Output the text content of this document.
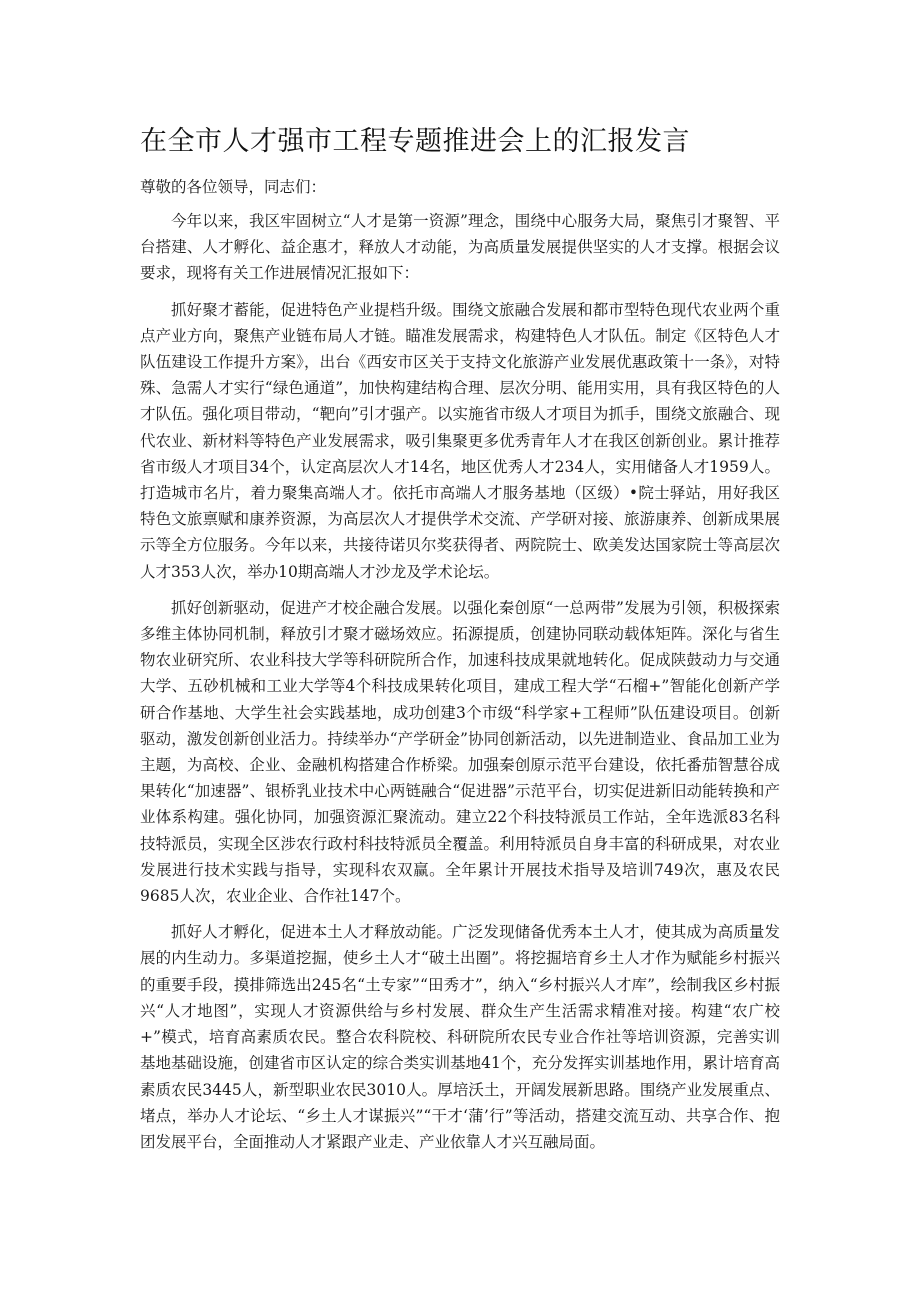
在全市人才强市工程专题推进会上的汇报发言

尊敬的各位领导，同志们：

今年以来，我区牢固树立“人才是第一资源”理念，围绕中心服务大局，聚焦引才聚智、平台搭建、人才孵化、益企惠才，释放人才动能，为高质量发展提供坚实的人才支撑。根据会议要求，现将有关工作进展情况汇报如下：

抓好聚才蓄能，促进特色产业提档升级。围绕文旅融合发展和都市型特色现代农业两个重点产业方向，聚焦产业链布局人才链。瞄准发展需求，构建特色人才队伍。制定《区特色人才队伍建设工作提升方案》，出台《西安市区关于支持文化旅游产业发展优惠政策十一条》，对特殊、急需人才实行“绿色通道”，加快构建结构合理、层次分明、能用实用，具有我区特色的人才队伍。强化项目带动，“靶向”引才强产。以实施省市级人才项目为抓手，围绕文旅融合、现代农业、新材料等特色产业发展需求，吸引集聚更多优秀青年人才在我区创新创业。累计推荐省市级人才项目34个，认定高层次人才14名，地区优秀人才234人，实用储备人才1959人。打造城市名片，着力聚集高端人才。依托市高端人才服务基地（区级）•院士驿站，用好我区特色文旅禀赋和康养资源，为高层次人才提供学术交流、产学研对接、旅游康养、创新成果展示等全方位服务。今年以来，共接待诺贝尔奖获得者、两院院士、欧美发达国家院士等高层次人才353人次，举办10期高端人才沙龙及学术论坛。

抓好创新驱动，促进产才校企融合发展。以强化秦创原“一总两带”发展为引领，积极探索多维主体协同机制，释放引才聚才磁场效应。拓源提质，创建协同联动载体矩阵。深化与省生物农业研究所、农业科技大学等科研院所合作，加速科技成果就地转化。促成陕鼓动力与交通大学、五砂机械和工业大学等4个科技成果转化项目，建成工程大学“石榴+”智能化创新产学研合作基地、大学生社会实践基地，成功创建3个市级“科学家+工程师”队伍建设项目。创新驱动，激发创新创业活力。持续举办“产学研金”协同创新活动，以先进制造业、食品加工业为主题，为高校、企业、金融机构搭建合作桥梁。加强秦创原示范平台建设，依托番茄智慧谷成果转化“加速器”、银桥乳业技术中心两链融合“促进器”示范平台，切实促进新旧动能转换和产业体系构建。强化协同，加强资源汇聚流动。建立22个科技特派员工作站，全年选派83名科技特派员，实现全区涉农行政村科技特派员全覆盖。利用特派员自身丰富的科研成果，对农业发展进行技术实践与指导，实现科农双赢。全年累计开展技术指导及培训749次，惠及农民9685人次，农业企业、合作社147个。

抓好人才孵化，促进本土人才释放动能。广泛发现储备优秀本土人才，使其成为高质量发展的内生动力。多渠道挖掘，使乡土人才“破土出圈”。将挖掘培育乡土人才作为赋能乡村振兴的重要手段，摸排筛选出245名“土专家”“田秀才”，纳入“乡村振兴人才库”，绘制我区乡村振兴“人才地图”，实现人才资源供给与乡村发展、群众生产生活需求精准对接。构建“农广校+”模式，培育高素质农民。整合农科院校、科研院所农民专业合作社等培训资源，完善实训基地基础设施，创建省市区认定的综合类实训基地41个，充分发挥实训基地作用，累计培育高素质农民3445人，新型职业农民3010人。厚培沃土，开阔发展新思路。围绕产业发展重点、堵点，举办人才论坛、“乡土人才谋振兴”“干才‘蒲’行”等活动，搭建交流互动、共享合作、抱团发展平台，全面推动人才紧跟产业走、产业依靠人才兴互融局面。
